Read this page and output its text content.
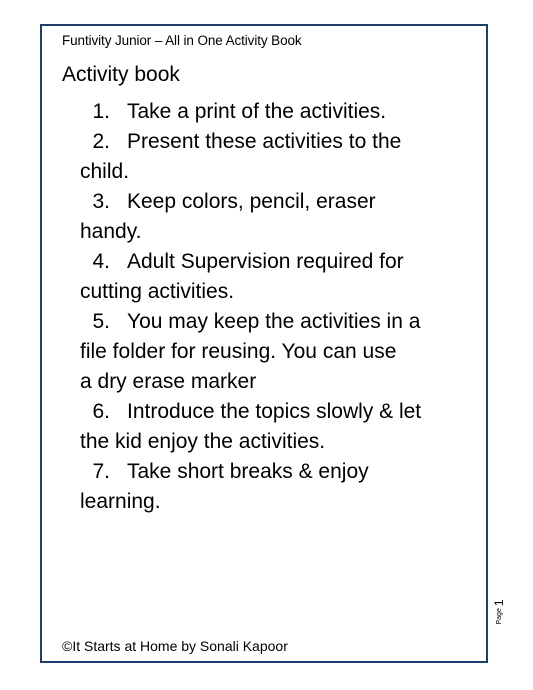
Funtivity Junior – All in One Activity Book
Activity book
1. Take a print of the activities.
2. Present these activities to the
child.
3. Keep colors, pencil, eraser
handy.
4. Adult Supervision required for
cutting activities.
5. You may keep the activities in a
file folder for reusing. You can use
a dry erase marker
6. Introduce the topics slowly & let
the kid enjoy the activities.
7. Take short breaks & enjoy
learning.
Page
1
©It Starts at Home by Sonali Kapoor
